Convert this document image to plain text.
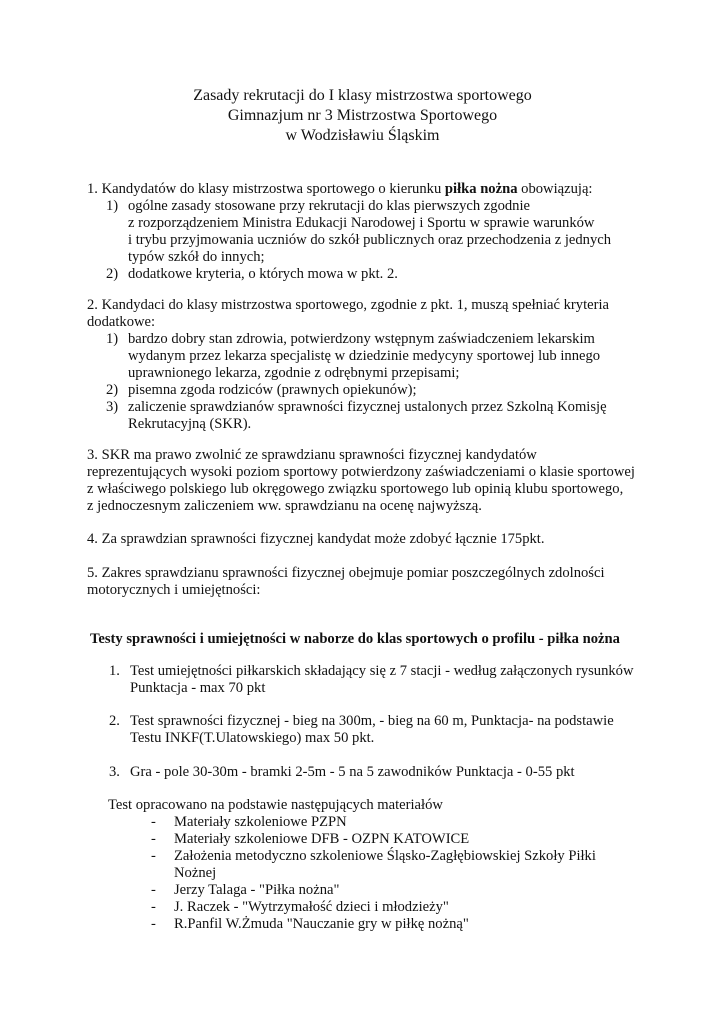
Zasady rekrutacji do I klasy mistrzostwa sportowego
Gimnazjum nr 3 Mistrzostwa Sportowego
w Wodzisławiu Śląskim
1. Kandydatów do klasy mistrzostwa sportowego o kierunku piłka nożna obowiązują:
1) ogólne zasady stosowane przy rekrutacji do klas pierwszych zgodnie
z rozporządzeniem Ministra Edukacji Narodowej i Sportu w sprawie warunków
i trybu przyjmowania uczniów do szkół publicznych oraz przechodzenia z jednych
typów szkół do innych;
2) dodatkowe kryteria, o których mowa w pkt. 2.
2. Kandydaci do klasy mistrzostwa sportowego, zgodnie z pkt. 1, muszą spełniać kryteria
dodatkowe:
1) bardzo dobry stan zdrowia, potwierdzony wstępnym zaświadczeniem lekarskim
wydanym przez lekarza specjalistę w dziedzinie medycyny sportowej lub innego
uprawnionego lekarza, zgodnie z odrębnymi przepisami;
2) pisemna zgoda rodziców (prawnych opiekunów);
3) zaliczenie sprawdzianów sprawności fizycznej ustalonych przez Szkolną Komisję
Rekrutacyjną (SKR).
3. SKR ma prawo zwolnić ze sprawdzianu sprawności fizycznej kandydatów
reprezentujących wysoki poziom sportowy potwierdzony zaświadczeniami o klasie sportowej
z właściwego polskiego lub okręgowego związku sportowego lub opinią klubu sportowego,
z jednoczesnym zaliczeniem ww. sprawdzianu na ocenę najwyższą.
4. Za sprawdzian sprawności fizycznej kandydat może zdobyć łącznie 175pkt.
5. Zakres sprawdzianu sprawności fizycznej obejmuje pomiar poszczególnych zdolności
motorycznych i umiejętności:
Testy sprawności i umiejętności w naborze do klas sportowych o profilu - piłka nożna
1. Test umiejętności piłkarskich składający się z 7 stacji - według załączonych rysunków
Punktacja - max 70 pkt
2. Test sprawności fizycznej - bieg na 300m, - bieg na 60 m, Punktacja- na podstawie
Testu INKF(T.Ulatowskiego) max 50 pkt.
3. Gra - pole 30-30m - bramki 2-5m - 5 na 5 zawodników Punktacja - 0-55 pkt
Test opracowano na podstawie następujących materiałów
- Materiały szkoleniowe PZPN
- Materiały szkoleniowe DFB - OZPN KATOWICE
- Założenia metodyczno szkoleniowe Śląsko-Zagłębiowskiej Szkoły Piłki
Nożnej
- Jerzy Talaga - "Piłka nożna"
- J. Raczek - "Wytrzymałość dzieci i młodzieży"
- R.Panfil W.Żmuda "Nauczanie gry w piłkę nożną"
